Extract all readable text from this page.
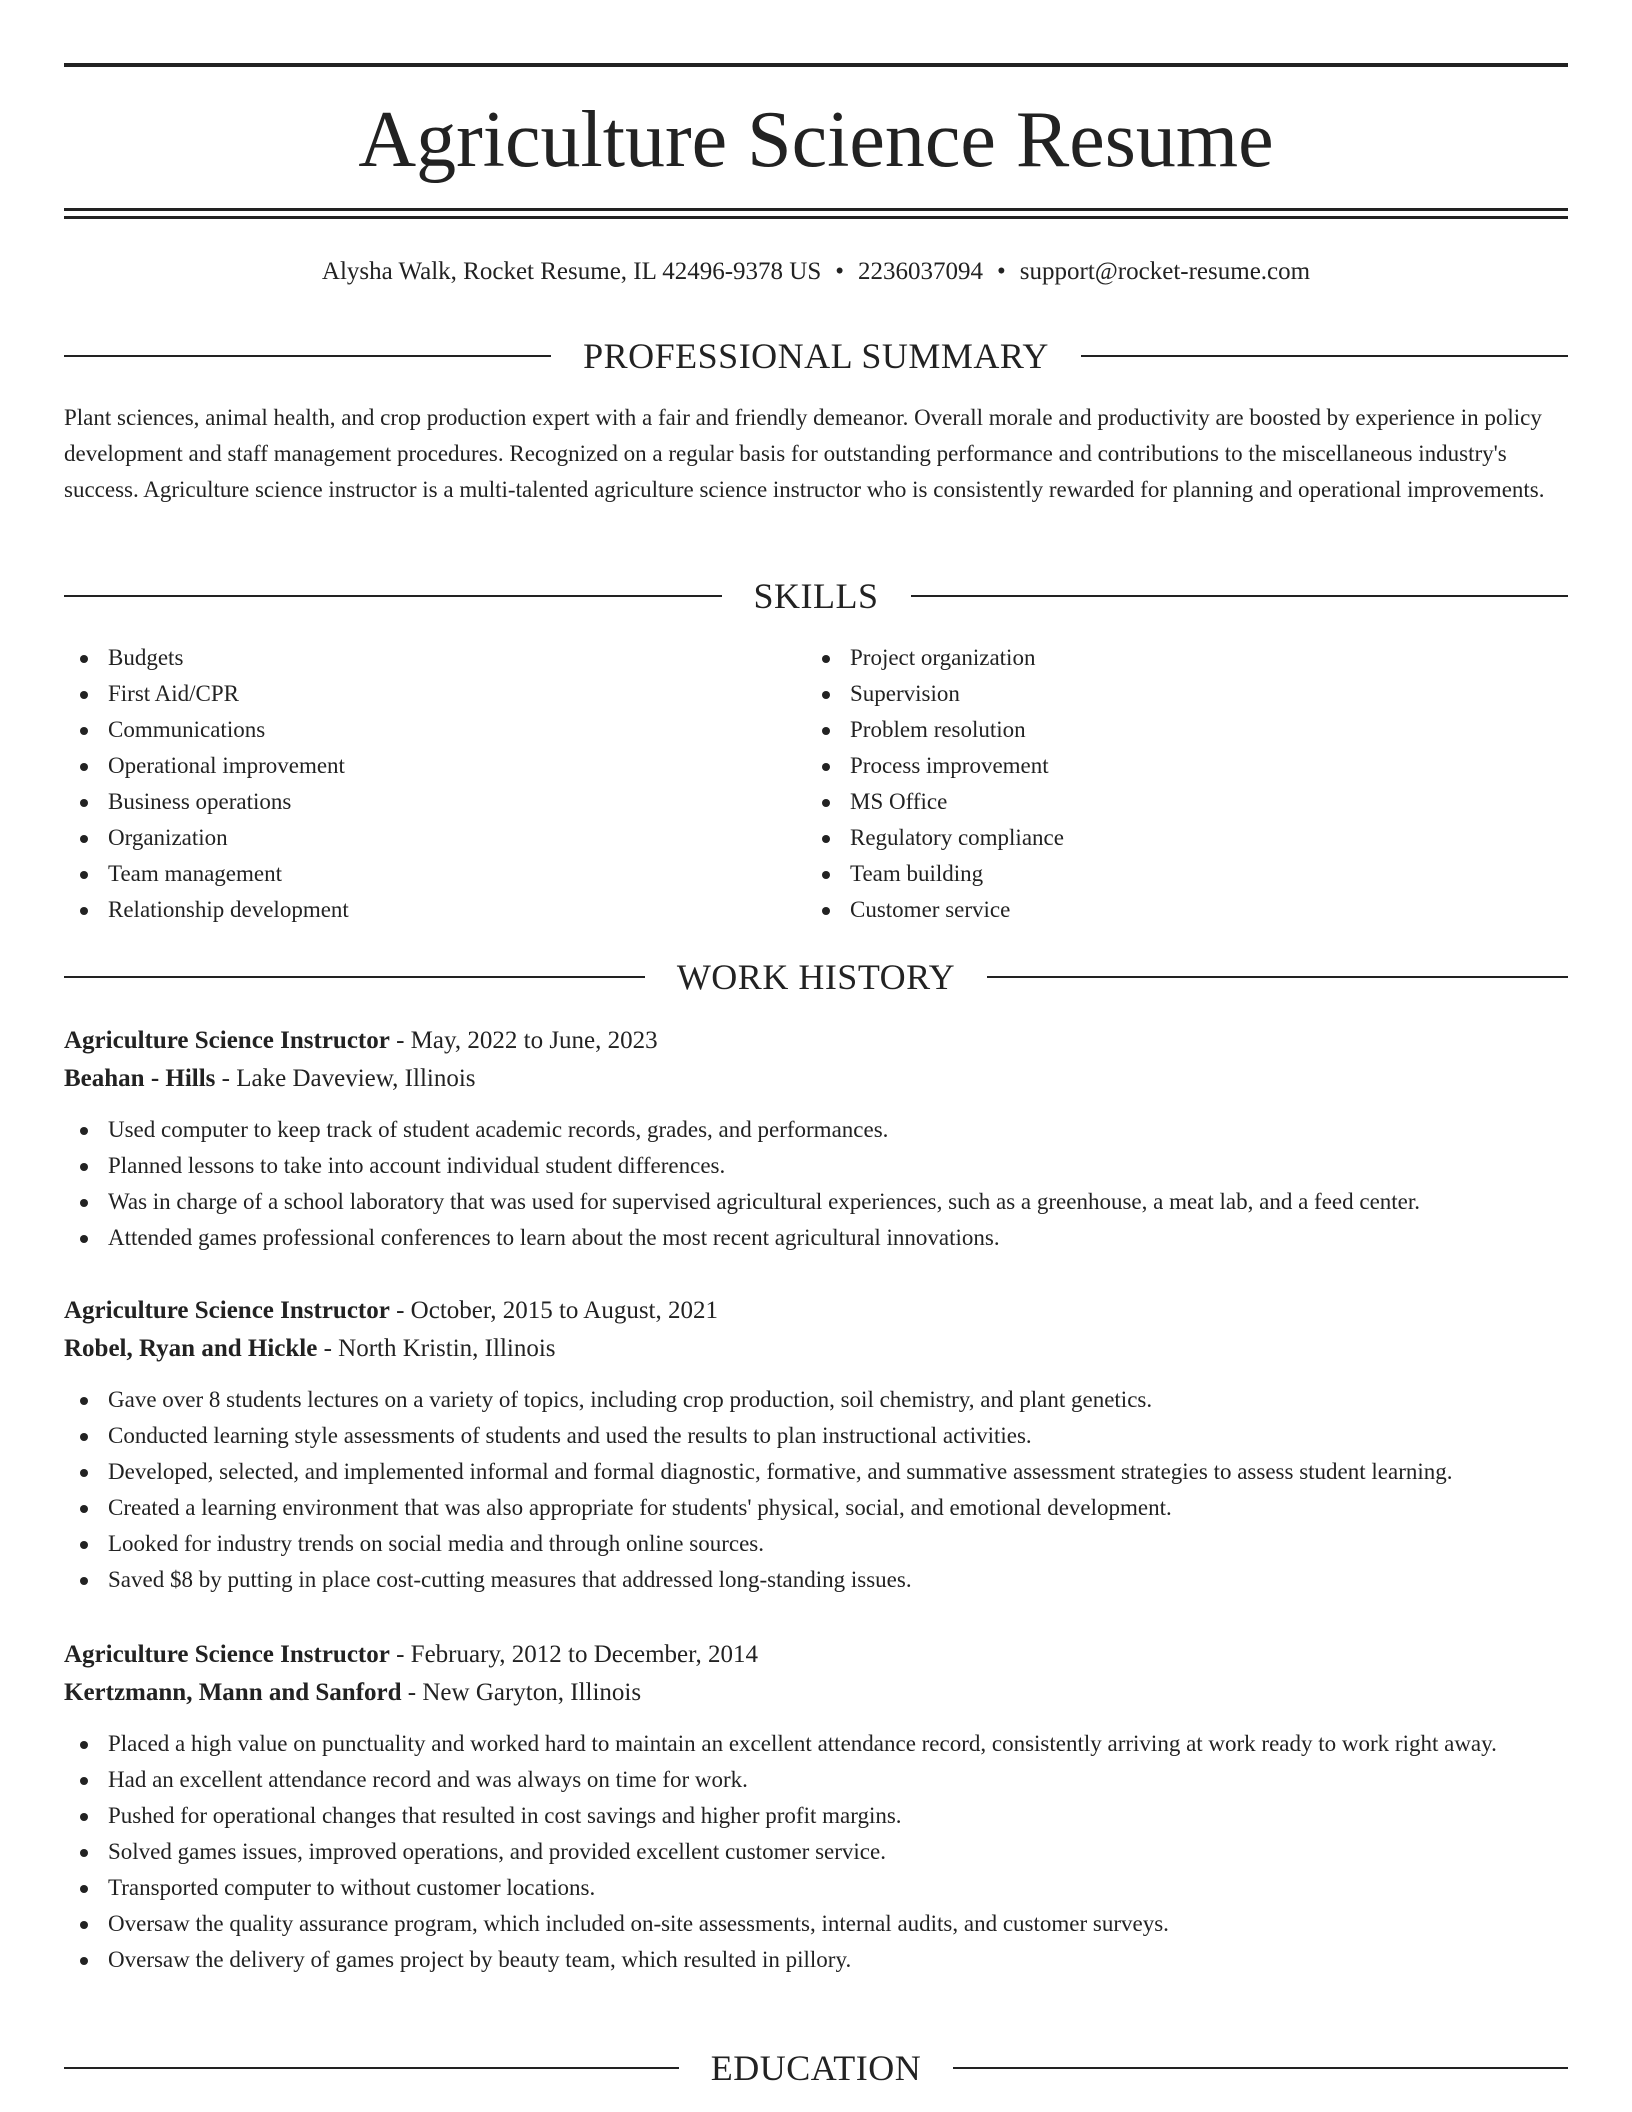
Agriculture Science Resume
Alysha Walk, Rocket Resume, IL 42496-9378 US • 2236037094 • support@rocket-resume.com
PROFESSIONAL SUMMARY

Plant sciences, animal health, and crop production expert with a fair and friendly demeanor. Overall morale and productivity are boosted by experience in policy development and staff management procedures. Recognized on a regular basis for outstanding performance and contributions to the miscellaneous industry's success. Agriculture science instructor is a multi-talented agriculture science instructor who is consistently rewarded for planning and operational improvements.

SKILLS
Budgets
First Aid/CPR
Communications
Operational improvement
Business operations
Organization
Team management
Relationship development
Project organization
Supervision
Problem resolution
Process improvement
MS Office
Regulatory compliance
Team building
Customer service
WORK HISTORY
Agriculture Science Instructor - May, 2022 to June, 2023
Beahan - Hills - Lake Daveview, Illinois
Used computer to keep track of student academic records, grades, and performances.
Planned lessons to take into account individual student differences.
Was in charge of a school laboratory that was used for supervised agricultural experiences, such as a greenhouse, a meat lab, and a feed center.
Attended games professional conferences to learn about the most recent agricultural innovations.
Agriculture Science Instructor - October, 2015 to August, 2021
Robel, Ryan and Hickle - North Kristin, Illinois
Gave over 8 students lectures on a variety of topics, including crop production, soil chemistry, and plant genetics.
Conducted learning style assessments of students and used the results to plan instructional activities.
Developed, selected, and implemented informal and formal diagnostic, formative, and summative assessment strategies to assess student learning.
Created a learning environment that was also appropriate for students' physical, social, and emotional development.
Looked for industry trends on social media and through online sources.
Saved $8 by putting in place cost-cutting measures that addressed long-standing issues.
Agriculture Science Instructor - February, 2012 to December, 2014
Kertzmann, Mann and Sanford - New Garyton, Illinois
Placed a high value on punctuality and worked hard to maintain an excellent attendance record, consistently arriving at work ready to work right away.
Had an excellent attendance record and was always on time for work.
Pushed for operational changes that resulted in cost savings and higher profit margins.
Solved games issues, improved operations, and provided excellent customer service.
Transported computer to without customer locations.
Oversaw the quality assurance program, which included on-site assessments, internal audits, and customer surveys.
Oversaw the delivery of games project by beauty team, which resulted in pillory.
EDUCATION
